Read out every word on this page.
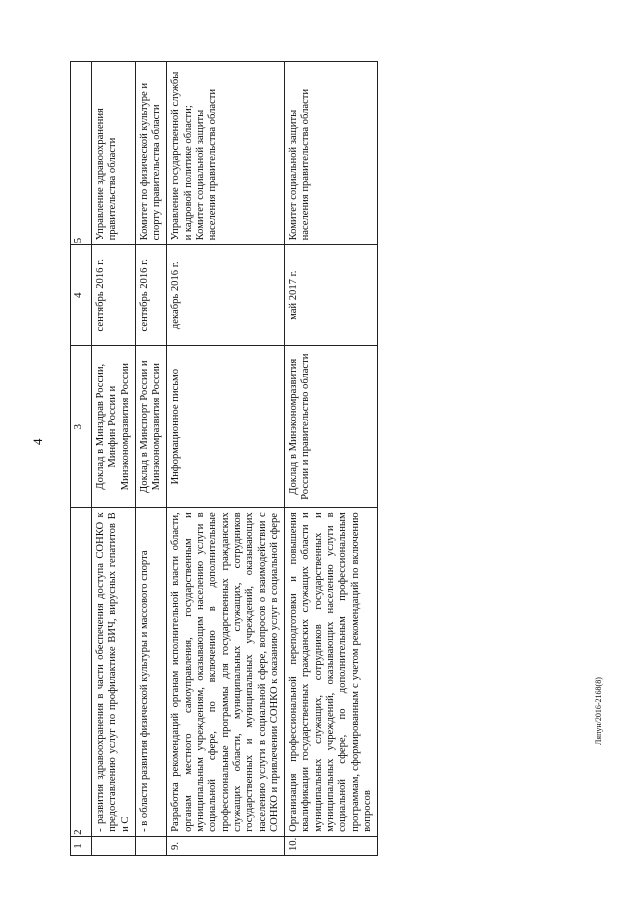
4
1	2	3	4	5
	- развития здравоохранения в части обеспечения доступа СОНКО к предоставлению услуг по профилактике ВИЧ, вирусных гепатитов В и С	Доклад в Минздрав России, Минфин России и Минэкономразвития России	сентябрь 2016 г.	Управление здравоохранения правительства области
	- в области развития физической культуры и массового спорта	Доклад в Минспорт России и Минэкономразвития России	сентябрь 2016 г.	Комитет по физической культуре и спорту правительства области
9.	Разработка рекомендаций органам исполнительной власти области, органам местного самоуправления, государственным и муниципальным учреждениям, оказывающим населению услуги в социальной сфере, по включению в дополнительные профессиональные программы для государственных гражданских служащих области, муниципальных служащих, сотрудников государственных и муниципальных учреждений, оказывающих населению услуги в социальной сфере, вопросов о взаимодействии с СОНКО и привлечении СОНКО к оказанию услуг в социальной сфере	Информационное письмо	декабрь 2016 г.	Управление государственной службы и кадровой политике области; Комитет социальной защиты населения правительства области
10.	Организация профессиональной переподготовки и повышения квалификации государственных гражданских служащих области и муниципальных служащих, сотрудников государственных и муниципальных учреждений, оказывающих населению услуги в социальной сфере, по дополнительным профессиональным программам, сформированным с учетом рекомендаций по включению вопросов	Доклад в Минэкономразвития России и правительство области	май 2017 г.	Комитет социальной защиты населения правительства области
Ляпун/2016-2168(8)
